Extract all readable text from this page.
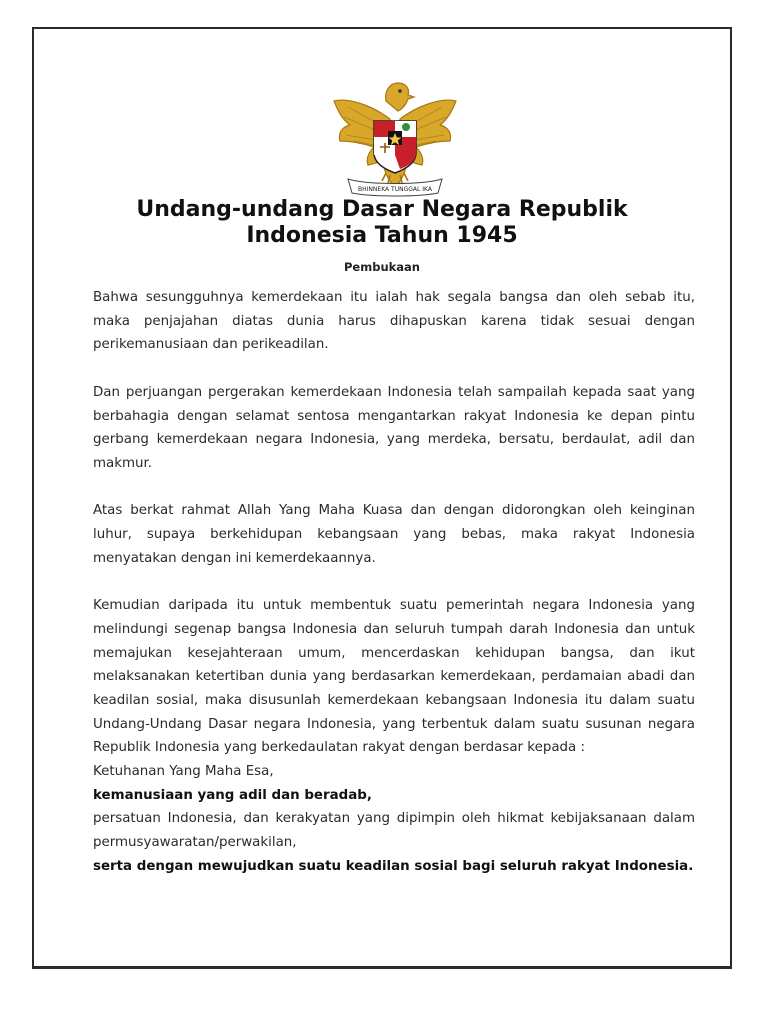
BHINNEKA TUNGGAL IKA
Undang-undang Dasar Negara Republik
Indonesia Tahun 1945
Pembukaan

Bahwa sesungguhnya kemerdekaan itu ialah hak segala bangsa dan oleh sebab itu, maka penjajahan diatas dunia harus dihapuskan karena tidak sesuai dengan perikemanusiaan dan perikeadilan.

Dan perjuangan pergerakan kemerdekaan Indonesia telah sampailah kepada saat yang berbahagia dengan selamat sentosa mengantarkan rakyat Indonesia ke depan pintu gerbang kemerdekaan negara Indonesia, yang merdeka, bersatu, berdaulat, adil dan makmur.

Atas berkat rahmat Allah Yang Maha Kuasa dan dengan didorongkan oleh keinginan luhur, supaya berkehidupan kebangsaan yang bebas, maka rakyat Indonesia menyatakan dengan ini kemerdekaannya.

Kemudian daripada itu untuk membentuk suatu pemerintah negara Indonesia yang melindungi segenap bangsa Indonesia dan seluruh tumpah darah Indonesia dan untuk memajukan kesejahteraan umum, mencerdaskan kehidupan bangsa, dan ikut melaksanakan ketertiban dunia yang berdasarkan kemerdekaan, perdamaian abadi dan keadilan sosial, maka disusunlah kemerdekaan kebangsaan Indonesia itu dalam suatu Undang-Undang Dasar negara Indonesia, yang terbentuk dalam suatu susunan negara Republik Indonesia yang berkedaulatan rakyat dengan berdasar kepada :
Ketuhanan Yang Maha Esa,
kemanusiaan yang adil dan beradab,
persatuan Indonesia, dan kerakyatan yang dipimpin oleh hikmat kebijaksanaan dalam permusyawaratan/perwakilan,
serta dengan mewujudkan suatu keadilan sosial bagi seluruh rakyat Indonesia.
